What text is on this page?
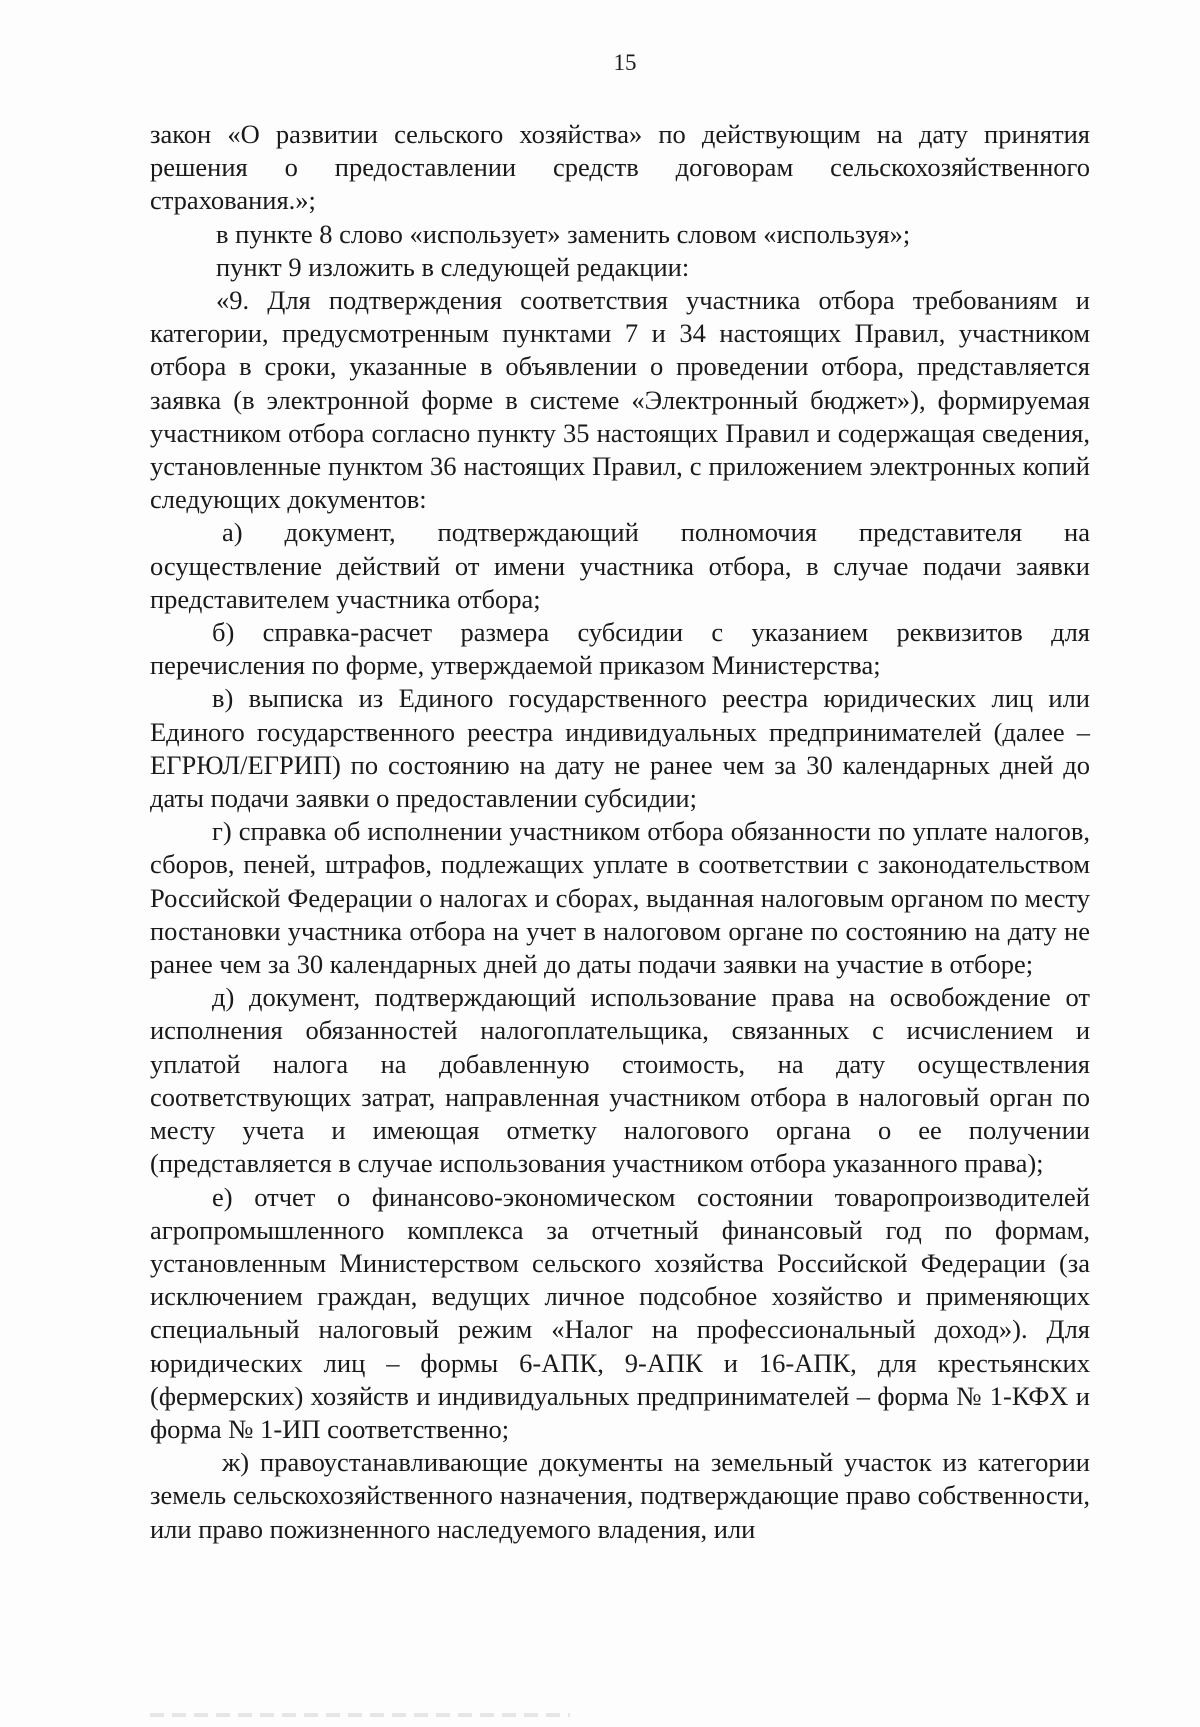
15

закон «О развитии сельского хозяйства» по действующим на дату принятия решения о предоставлении средств договорам сельскохозяйственного страхования.»;

в пункте 8 слово «использует» заменить словом «используя»;

пункт 9 изложить в следующей редакции:

«9. Для подтверждения соответствия участника отбора требованиям и категории, предусмотренным пунктами 7 и 34 настоящих Правил, участником отбора в сроки, указанные в объявлении о проведении отбора, представляется заявка (в электронной форме в системе «Электронный бюджет»), формируемая участником отбора согласно пункту 35 настоящих Правил и содержащая сведения, установленные пунктом 36 настоящих Правил, с приложением электронных копий следующих документов:

а) документ, подтверждающий полномочия представителя на осуществление действий от имени участника отбора, в случае подачи заявки представителем участника отбора;

б) справка-расчет размера субсидии с указанием реквизитов для перечисления по форме, утверждаемой приказом Министерства;

в) выписка из Единого государственного реестра юридических лиц или Единого государственного реестра индивидуальных предпринимателей (далее – ЕГРЮЛ/ЕГРИП) по состоянию на дату не ранее чем за 30 календарных дней до даты подачи заявки о предоставлении субсидии;

г) справка об исполнении участником отбора обязанности по уплате налогов, сборов, пеней, штрафов, подлежащих уплате в соответствии с законодательством Российской Федерации о налогах и сборах, выданная налоговым органом по месту постановки участника отбора на учет в налоговом органе по состоянию на дату не ранее чем за 30 календарных дней до даты подачи заявки на участие в отборе;

д) документ, подтверждающий использование права на освобождение от исполнения обязанностей налогоплательщика, связанных с исчислением и уплатой налога на добавленную стоимость, на дату осуществления соответствующих затрат, направленная участником отбора в налоговый орган по месту учета и имеющая отметку налогового органа о ее получении (представляется в случае использования участником отбора указанного права);

е) отчет о финансово-экономическом состоянии товаропроизводителей агропромышленного комплекса за отчетный финансовый год по формам, установленным Министерством сельского хозяйства Российской Федерации (за исключением граждан, ведущих личное подсобное хозяйство и применяющих специальный налоговый режим «Налог на профессиональный доход»). Для юридических лиц – формы 6-АПК, 9-АПК и 16-АПК, для крестьянских (фермерских) хозяйств и индивидуальных предпринимателей – форма № 1-КФХ и форма № 1-ИП соответственно;

ж) правоустанавливающие документы на земельный участок из категории земель сельскохозяйственного назначения, подтверждающие право собственности, или право пожизненного наследуемого владения, или
